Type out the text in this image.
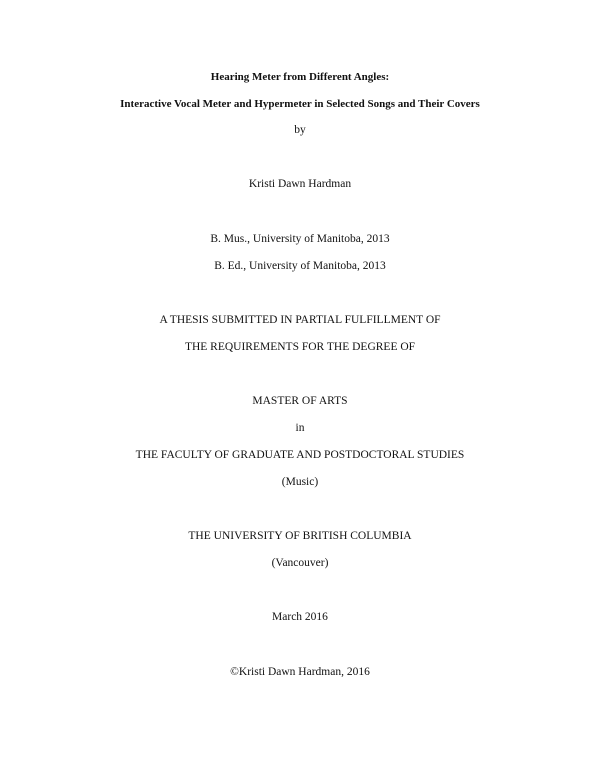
Hearing Meter from Different Angles:
Interactive Vocal Meter and Hypermeter in Selected Songs and Their Covers
by
Kristi Dawn Hardman
B. Mus., University of Manitoba, 2013
B. Ed., University of Manitoba, 2013
A THESIS SUBMITTED IN PARTIAL FULFILLMENT OF
THE REQUIREMENTS FOR THE DEGREE OF
MASTER OF ARTS
in
THE FACULTY OF GRADUATE AND POSTDOCTORAL STUDIES
(Music)
THE UNIVERSITY OF BRITISH COLUMBIA
(Vancouver)
March 2016
©Kristi Dawn Hardman, 2016
